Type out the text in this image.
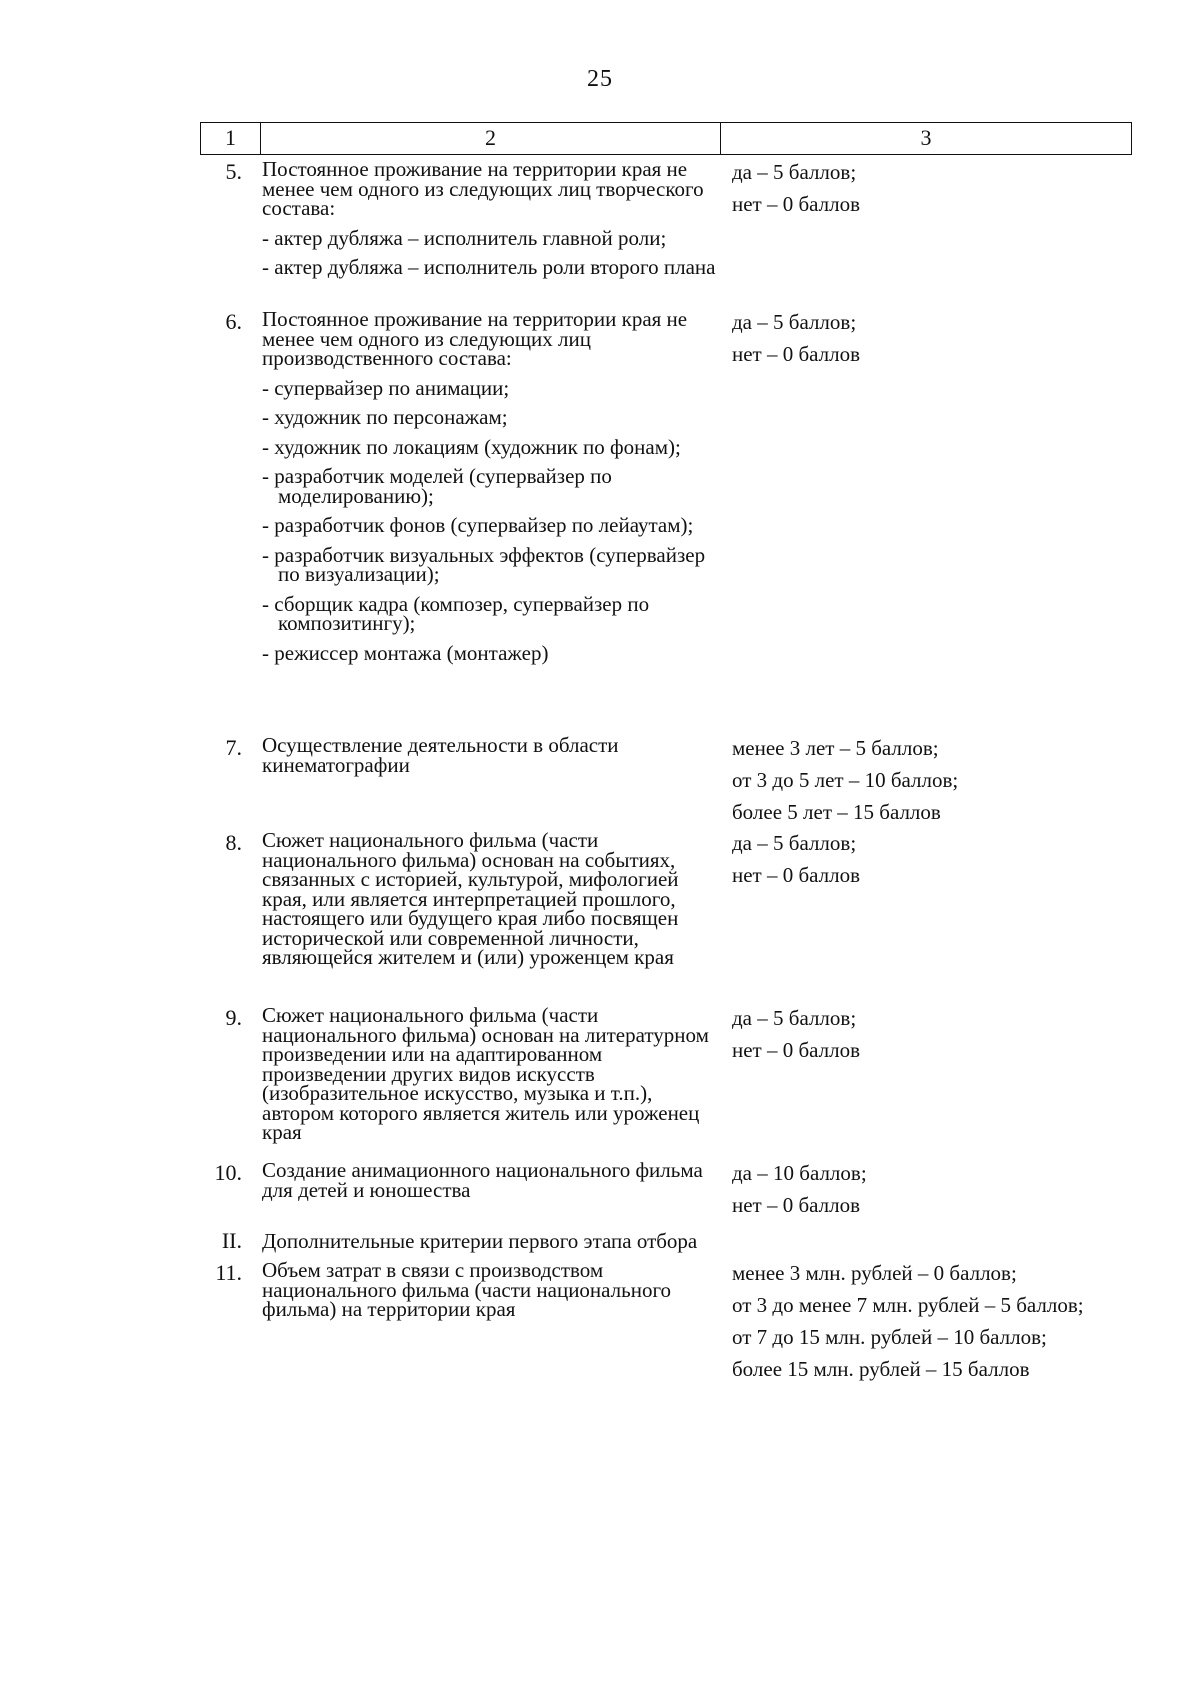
25
1	2	3
5. Постоянное проживание на территории края не менее чем одного из следующих лиц творческого состава:
- актер дубляжа – исполнитель главной роли;
- актер дубляжа – исполнитель роли второго плана
да – 5 баллов;
нет – 0 баллов
6. Постоянное проживание на территории края не менее чем одного из следующих лиц производственного состава:
- супервайзер по анимации;
- художник по персонажам;
- художник по локациям (художник по фонам);
- разработчик моделей (супервайзер по моделированию);
- разработчик фонов (супервайзер по лейаутам);
- разработчик визуальных эффектов (супервайзер по визуализации);
- сборщик кадра (композер, супервайзер по композитингу);
- режиссер монтажа (монтажер)
да – 5 баллов;
нет – 0 баллов
7. Осуществление деятельности в области кинематографии
менее 3 лет – 5 баллов;
от 3 до 5 лет – 10 баллов;
более 5 лет – 15 баллов
8. Сюжет национального фильма (части национального фильма) основан на событиях, связанных с историей, культурой, мифологией края, или является интерпретацией прошлого, настоящего или будущего края либо посвящен исторической или современной личности, являющейся жителем и (или) уроженцем края
да – 5 баллов;
нет – 0 баллов
9. Сюжет национального фильма (части национального фильма) основан на литературном произведении или на адаптированном произведении других видов искусств (изобразительное искусство, музыка и т.п.), автором которого является житель или уроженец края
да – 5 баллов;
нет – 0 баллов
10. Создание анимационного национального фильма для детей и юношества
да – 10 баллов;
нет – 0 баллов
II. Дополнительные критерии первого этапа отбора
11. Объем затрат в связи с производством национального фильма (части национального фильма) на территории края
менее 3 млн. рублей – 0 баллов;
от 3 до менее 7 млн. рублей – 5 баллов;
от 7 до 15 млн. рублей – 10 баллов;
более 15 млн. рублей – 15 баллов
